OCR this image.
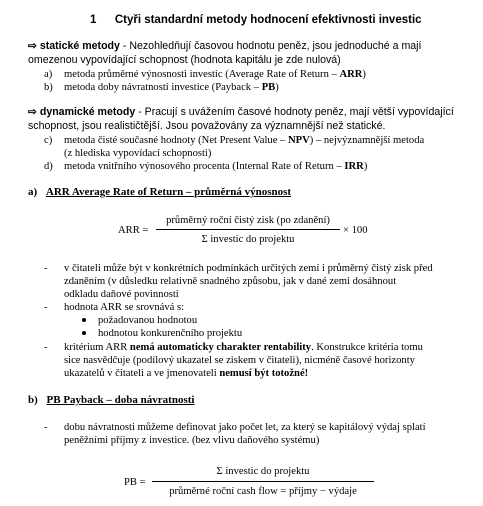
1 Ctyři standardní metody hodnocení efektivnosti investic
⇨ statické metody - Nezohledňují časovou hodnotu peněz, jsou jednoduché a mají
omezenou vypovídající schopnost (hodnota kapitálu je zde nulová)
a) metoda průměrné výnosnosti investic (Average Rate of Return – ARR)
b) metoda doby návratnosti investice (Payback – PB)
⇨ dynamické metody - Pracují s uvážením časové hodnoty peněz, mají větší vypovídající
schopnost, jsou realističtější. Jsou považovány za významnější než statické.
c) metoda čisté současné hodnoty (Net Present Value – NPV) – nejvýznamnější metoda
(z hlediska vypovídací schopnosti)
d) metoda vnitřního výnosového procenta (Internal Rate of Return – IRR)
a) ARR Average Rate of Return – průměrná výnosnost
ARR =
průměrný roční čistý zisk (po zdanění)
Σ investic do projektu
× 100
- v čitateli může být v konkrétních podmínkách určitých zemí i průměrný čistý zisk před
zdaněním (v důsledku relativně snadného způsobu, jak v dané zemi dosáhnout
odkladu daňové povinnosti
- hodnota ARR se srovnává s:
požadovanou hodnotou
hodnotou konkurenčního projektu
- kritérium ARR nemá automaticky charakter rentability. Konstrukce kritéria tomu
sice nasvědčuje (podílový ukazatel se ziskem v čitateli), nicméně časové horizonty
ukazatelů v čitateli a ve jmenovateli nemusí být totožné!
b) PB Payback – doba návratnosti
- dobu návratnosti můžeme definovat jako počet let, za který se kapitálový výdaj splatí
peněžními příjmy z investice. (bez vlivu daňového systému)
PB =
Σ investic do projektu
průměrné roční cash flow = příjmy − výdaje
